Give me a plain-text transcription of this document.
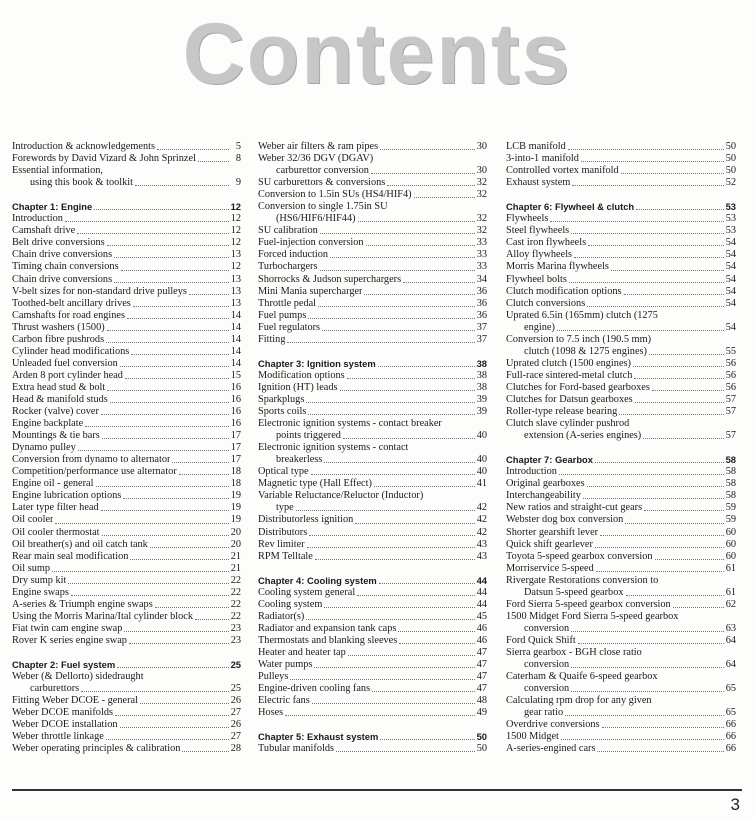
Contents
Introduction & acknowledgements	5
Forewords by David Vizard & John Sprinzel	8
Essential information,
using this book & toolkit	9
Chapter 1: Engine	12
Introduction	12
Camshaft drive	12
Belt drive conversions	12
Chain drive conversions	13
Timing chain conversions	12
Chain drive conversions	13
V-belt sizes for non-standard drive pulleys	13
Toothed-belt ancillary drives	13
Camshafts for road engines	14
Thrust washers (1500)	14
Carbon fibre pushrods	14
Cylinder head modifications	14
Unleaded fuel conversion	14
Arden 8 port cylinder head	15
Extra head stud & bolt	16
Head & manifold studs	16
Rocker (valve) cover	16
Engine backplate	16
Mountings & tie bars	17
Dynamo pulley	17
Conversion from dynamo to alternator	17
Competition/performance use alternator	18
Engine oil - general	18
Engine lubrication options	19
Later type filter head	19
Oil cooler	19
Oil cooler thermostat	20
Oil breather(s) and oil catch tank	20
Rear main seal modification	21
Oil sump	21
Dry sump kit	22
Engine swaps	22
A-series & Triumph engine swaps	22
Using the Morris Marina/Ital cylinder block	22
Fiat twin cam engine swap	23
Rover K series engine swap	23
Chapter 2: Fuel system	25
Weber (& Dellorto) sidedraught
carburettors	25
Fitting Weber DCOE - general	26
Weber DCOE manifolds	27
Weber DCOE installation	26
Weber throttle linkage	27
Weber operating principles & calibration	28
Weber air filters & ram pipes	30
Weber 32/36 DGV (DGAV)
carburettor conversion	30
SU carburettors & conversions	32
Conversion to 1.5in SUs (HS4/HIF4)	32
Conversion to single 1.75in SU
(HS6/HIF6/HIF44)	32
SU calibration	32
Fuel-injection conversion	33
Forced induction	33
Turbochargers	33
Shorrocks & Judson superchargers	34
Mini Mania supercharger	36
Throttle pedal	36
Fuel pumps	36
Fuel regulators	37
Fitting	37
Chapter 3: Ignition system	38
Modification options	38
Ignition (HT) leads	38
Sparkplugs	39
Sports coils	39
Electronic ignition systems - contact breaker
points triggered	40
Electronic ignition systems - contact
breakerless	40
Optical type	40
Magnetic type (Hall Effect)	41
Variable Reluctance/Reluctor (Inductor)
type	42
Distributorless ignition	42
Distributors	42
Rev limiter	43
RPM Telltale	43
Chapter 4: Cooling system	44
Cooling system general	44
Cooling system	44
Radiator(s)	45
Radiator and expansion tank caps	46
Thermostats and blanking sleeves	46
Heater and heater tap	47
Water pumps	47
Pulleys	47
Engine-driven cooling fans	47
Electric fans	48
Hoses	49
Chapter 5: Exhaust system	50
Tubular manifolds	50
LCB manifold	50
3-into-1 manifold	50
Controlled vortex manifold	50
Exhaust system	52
Chapter 6: Flywheel & clutch	53
Flywheels	53
Steel flywheels	53
Cast iron flywheels	54
Alloy flywheels	54
Morris Marina flywheels	54
Flywheel bolts	54
Clutch modification options	54
Clutch conversions	54
Uprated 6.5in (165mm) clutch (1275
engine)	54
Conversion to 7.5 inch (190.5 mm)
clutch (1098 & 1275 engines)	55
Uprated clutch (1500 engines)	56
Full-race sintered-metal clutch	56
Clutches for Ford-based gearboxes	56
Clutches for Datsun gearboxes	57
Roller-type release bearing	57
Clutch slave cylinder pushrod
extension (A-series engines)	57
Chapter 7: Gearbox	58
Introduction	58
Original gearboxes	58
Interchangeability	58
New ratios and straight-cut gears	59
Webster dog box conversion	59
Shorter gearshift lever	60
Quick shift gearlever	60
Toyota 5-speed gearbox conversion	60
Morriservice 5-speed	61
Rivergate Restorations conversion to
Datsun 5-speed gearbox	61
Ford Sierra 5-speed gearbox conversion	62
1500 Midget Ford Sierra 5-speed gearbox
conversion	63
Ford Quick Shift	64
Sierra gearbox - BGH close ratio
conversion	64
Caterham & Quaife 6-speed gearbox
conversion	65
Calculating rpm drop for any given
gear ratio	65
Overdrive conversions	66
1500 Midget	66
A-series-engined cars	66
3
